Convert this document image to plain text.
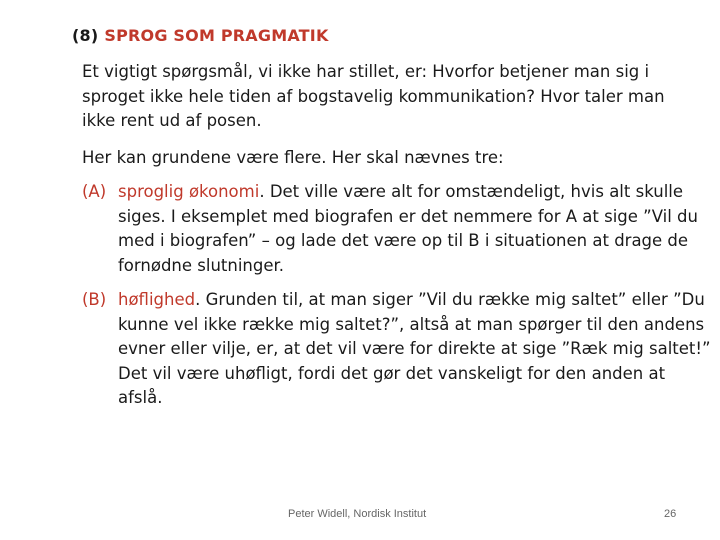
(8) SPROG SOM PRAGMATIK

Et vigtigt spørgsmål, vi ikke har stillet, er: Hvorfor betjener man sig i sproget ikke hele tiden af bogstavelig kommunikation? Hvor taler man ikke rent ud af posen.

Her kan grundene være flere. Her skal nævnes tre:

(A) sproglig økonomi. Det ville være alt for omstændeligt, hvis alt skulle siges. I eksemplet med biografen er det nemmere for A at sige ”Vil du med i biografen” – og lade det være op til B i situationen at drage de fornødne slutninger.
(B) høflighed. Grunden til, at man siger ”Vil du række mig saltet” eller ”Du kunne vel ikke række mig saltet?”, altså at man spørger til den andens evner eller vilje, er, at det vil være for direkte at sige ”Ræk mig saltet!” Det vil være uhøfligt, fordi det gør det vanskeligt for den anden at afslå.
Peter Widell, Nordisk Institut	26
